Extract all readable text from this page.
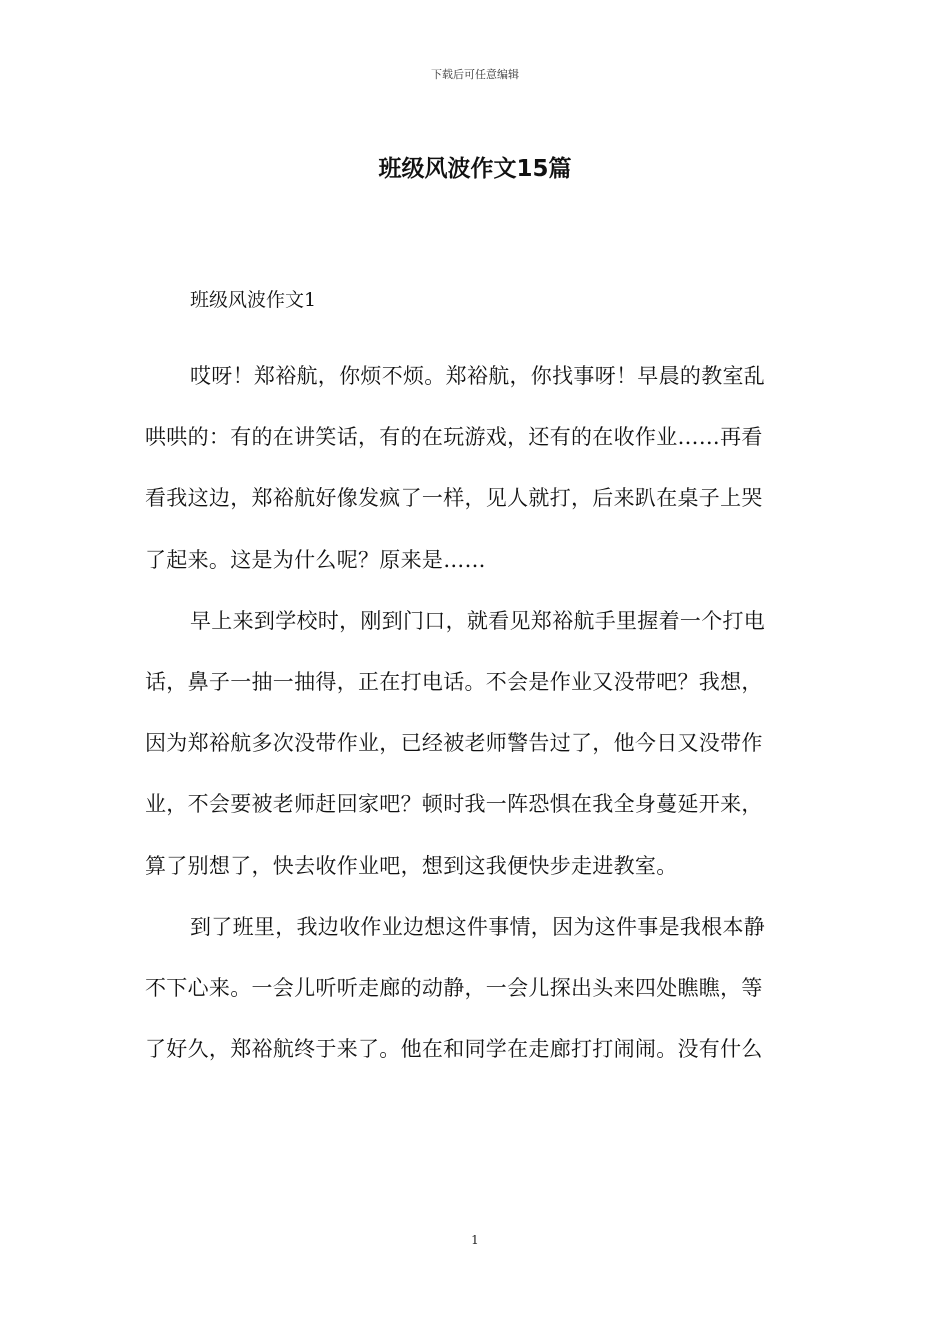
下载后可任意编辑
班级风波作文15篇
班级风波作文1

哎呀！郑裕航，你烦不烦。郑裕航，你找事呀！早晨的教室乱
哄哄的：有的在讲笑话，有的在玩游戏，还有的在收作业……再看
看我这边，郑裕航好像发疯了一样，见人就打，后来趴在桌子上哭
了起来。这是为什么呢？原来是……

早上来到学校时，刚到门口，就看见郑裕航手里握着一个打电
话，鼻子一抽一抽得，正在打电话。不会是作业又没带吧？我想，
因为郑裕航多次没带作业，已经被老师警告过了，他今日又没带作
业，不会要被老师赶回家吧？顿时我一阵恐惧在我全身蔓延开来，
算了别想了，快去收作业吧，想到这我便快步走进教室。

到了班里，我边收作业边想这件事情，因为这件事是我根本静
不下心来。一会儿听听走廊的动静，一会儿探出头来四处瞧瞧，等
了好久，郑裕航终于来了。他在和同学在走廊打打闹闹。没有什么

1
